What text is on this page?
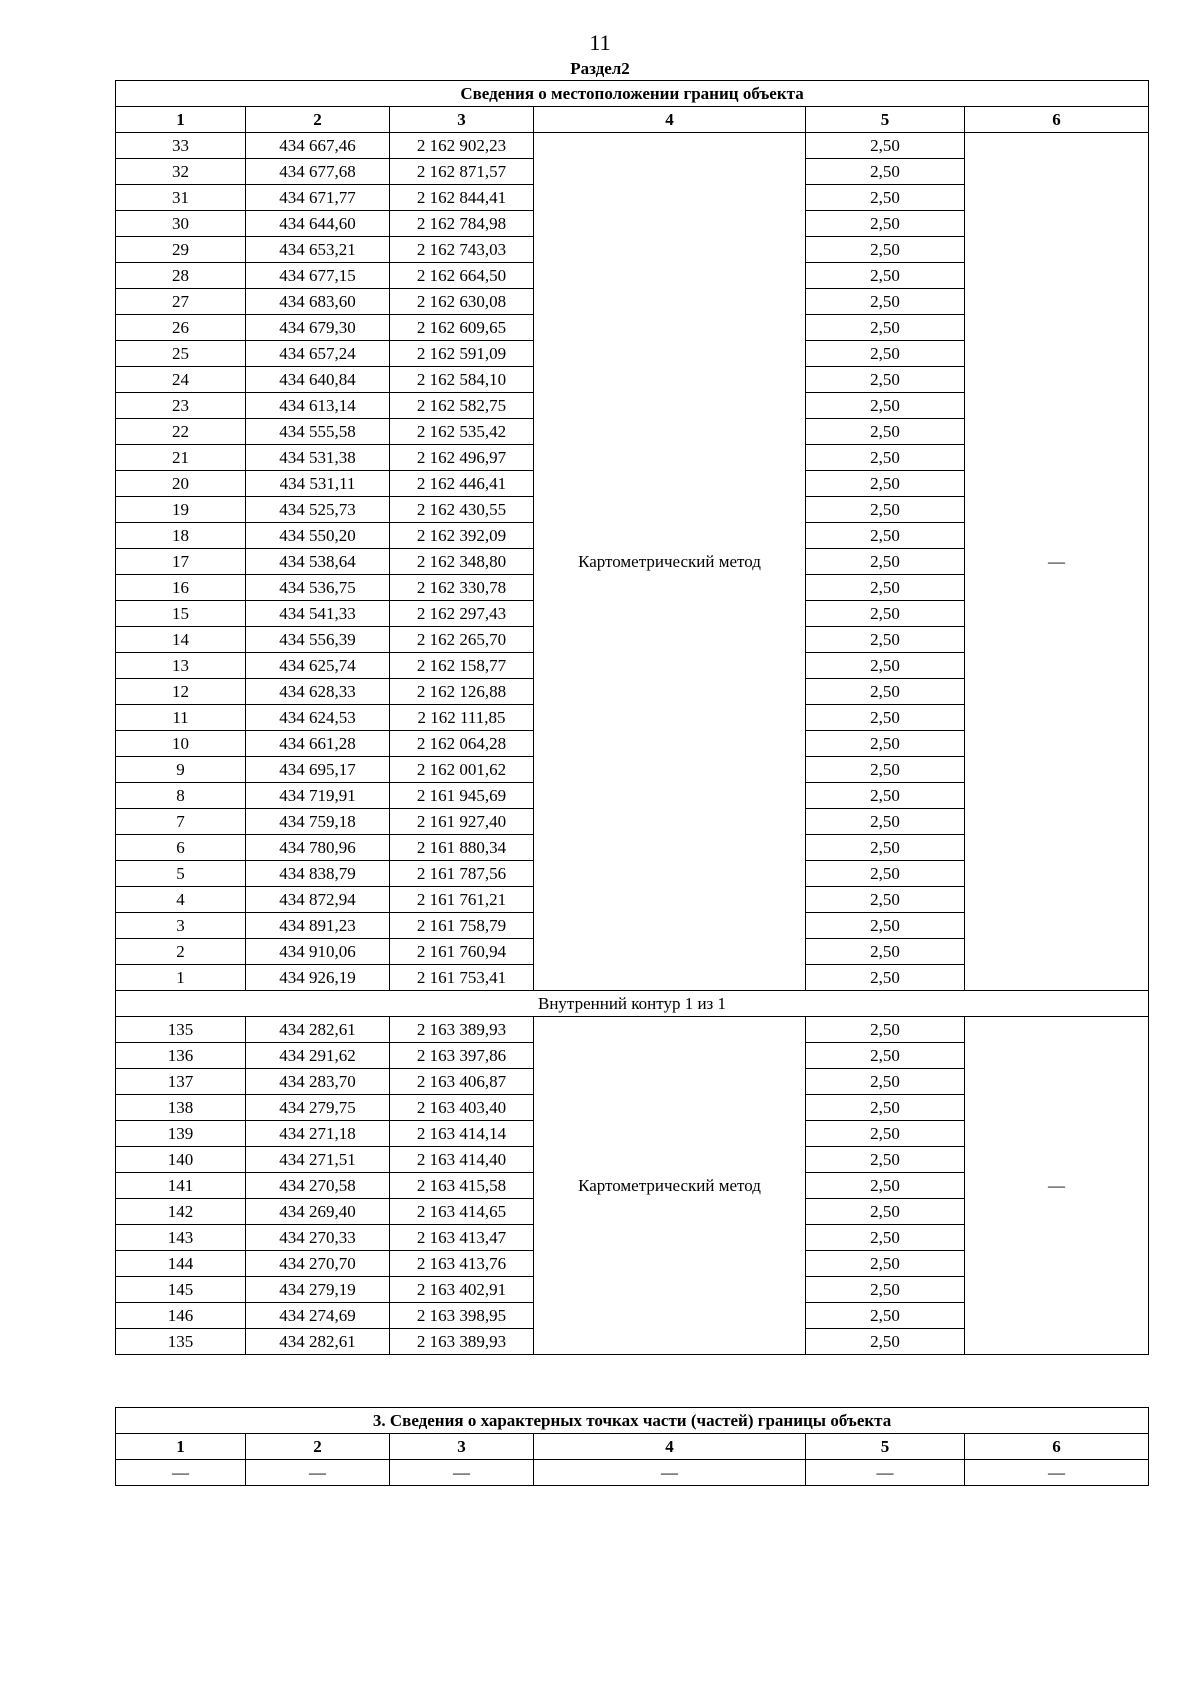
11
Раздел2
Сведения о местоположении границ объекта					
1	2	3	4	5	6
33	434 667,46	2 162 902,23	Картометрический метод	2,50	—
32	434 677,68	2 162 871,57		2,50	
31	434 671,77	2 162 844,41		2,50	
30	434 644,60	2 162 784,98		2,50	
29	434 653,21	2 162 743,03		2,50	
28	434 677,15	2 162 664,50		2,50	
27	434 683,60	2 162 630,08		2,50	
26	434 679,30	2 162 609,65		2,50	
25	434 657,24	2 162 591,09		2,50	
24	434 640,84	2 162 584,10		2,50	
23	434 613,14	2 162 582,75		2,50	
22	434 555,58	2 162 535,42		2,50	
21	434 531,38	2 162 496,97		2,50	
20	434 531,11	2 162 446,41		2,50	
19	434 525,73	2 162 430,55		2,50	
18	434 550,20	2 162 392,09		2,50	
17	434 538,64	2 162 348,80		2,50	
16	434 536,75	2 162 330,78		2,50	
15	434 541,33	2 162 297,43		2,50	
14	434 556,39	2 162 265,70		2,50	
13	434 625,74	2 162 158,77		2,50	
12	434 628,33	2 162 126,88		2,50	
11	434 624,53	2 162 111,85		2,50	
10	434 661,28	2 162 064,28		2,50	
9	434 695,17	2 162 001,62		2,50	
8	434 719,91	2 161 945,69		2,50	
7	434 759,18	2 161 927,40		2,50	
6	434 780,96	2 161 880,34		2,50	
5	434 838,79	2 161 787,56		2,50	
4	434 872,94	2 161 761,21		2,50	
3	434 891,23	2 161 758,79		2,50	
2	434 910,06	2 161 760,94		2,50	
1	434 926,19	2 161 753,41		2,50	
Внутренний контур 1 из 1					
135	434 282,61	2 163 389,93	Картометрический метод	2,50	—
136	434 291,62	2 163 397,86		2,50	
137	434 283,70	2 163 406,87		2,50	
138	434 279,75	2 163 403,40		2,50	
139	434 271,18	2 163 414,14		2,50	
140	434 271,51	2 163 414,40		2,50	
141	434 270,58	2 163 415,58		2,50	
142	434 269,40	2 163 414,65		2,50	
143	434 270,33	2 163 413,47		2,50	
144	434 270,70	2 163 413,76		2,50	
145	434 279,19	2 163 402,91		2,50	
146	434 274,69	2 163 398,95		2,50	
135	434 282,61	2 163 389,93		2,50	
3. Сведения о характерных точках части (частей) границы объекта					
1	2	3	4	5	6
—	—	—	—	—	—
